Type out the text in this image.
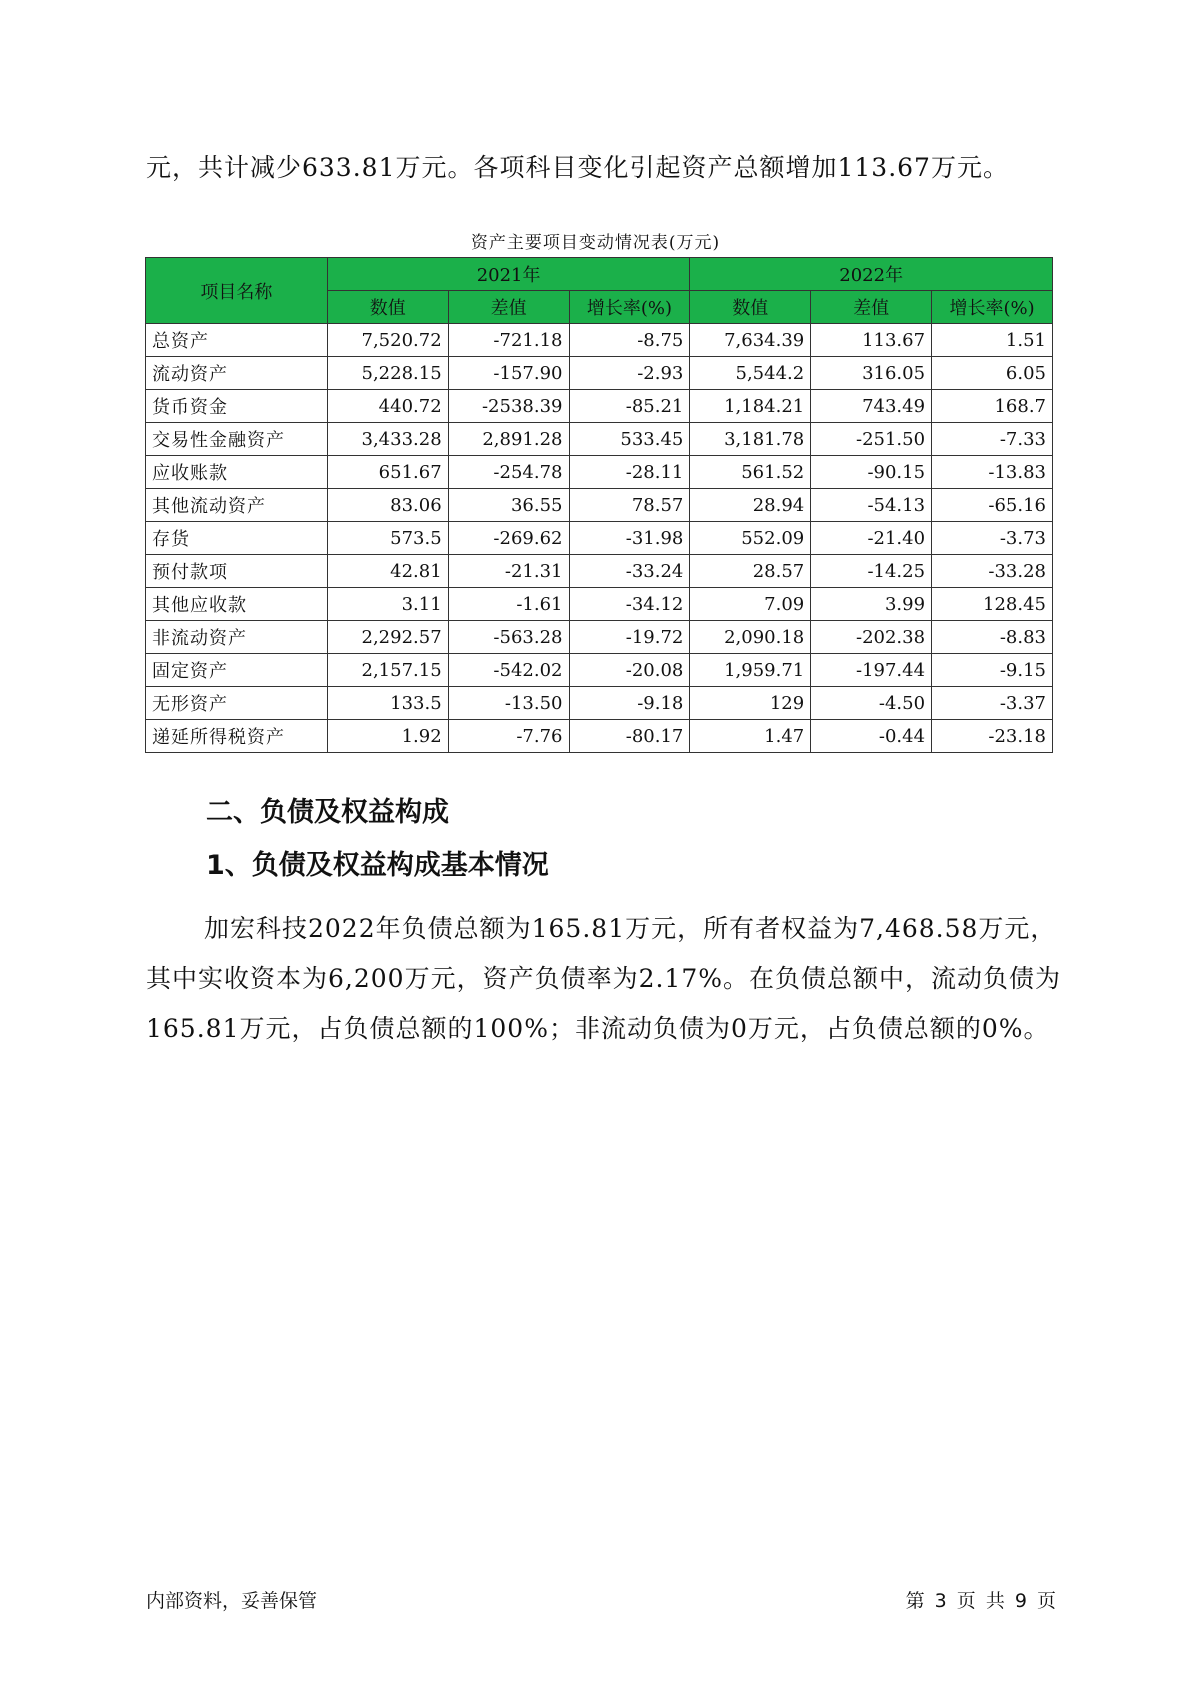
元，共计减少633.81万元。各项科目变化引起资产总额增加113.67万元。

资产主要项目变动情况表(万元)
项目名称	2021年			2022年		
	数值	差值	增长率(%)	数值	差值	增长率(%)
总资产	7,520.72	-721.18	-8.75	7,634.39	113.67	1.51
流动资产	5,228.15	-157.90	-2.93	5,544.2	316.05	6.05
货币资金	440.72	-2538.39	-85.21	1,184.21	743.49	168.7
交易性金融资产	3,433.28	2,891.28	533.45	3,181.78	-251.50	-7.33
应收账款	651.67	-254.78	-28.11	561.52	-90.15	-13.83
其他流动资产	83.06	36.55	78.57	28.94	-54.13	-65.16
存货	573.5	-269.62	-31.98	552.09	-21.40	-3.73
预付款项	42.81	-21.31	-33.24	28.57	-14.25	-33.28
其他应收款	3.11	-1.61	-34.12	7.09	3.99	128.45
非流动资产	2,292.57	-563.28	-19.72	2,090.18	-202.38	-8.83
固定资产	2,157.15	-542.02	-20.08	1,959.71	-197.44	-9.15
无形资产	133.5	-13.50	-9.18	129	-4.50	-3.37
递延所得税资产	1.92	-7.76	-80.17	1.47	-0.44	-23.18
二、负债及权益构成
1、负债及权益构成基本情况

加宏科技2022年负债总额为165.81万元，所有者权益为7,468.58万元，其中实收资本为6,200万元，资产负债率为2.17%。在负债总额中，流动负债为165.81万元，占负债总额的100%；非流动负债为0万元，占负债总额的0%。

内部资料，妥善保管	第 3 页 共 9 页
